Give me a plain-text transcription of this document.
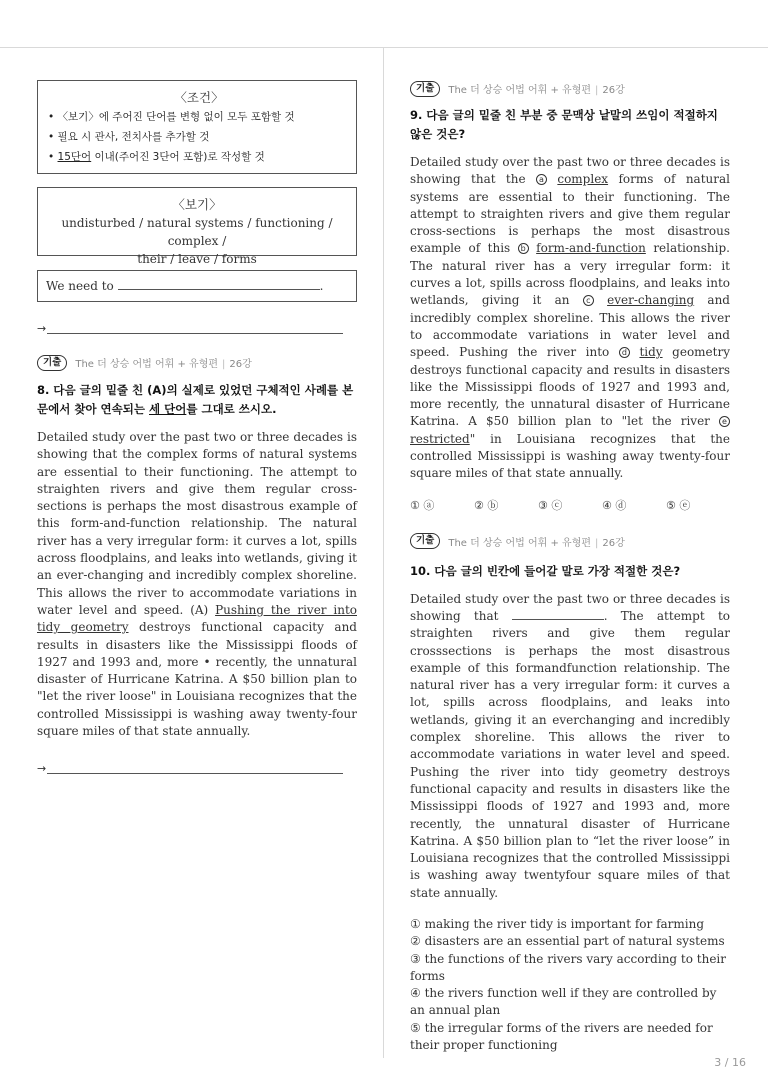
〈조건〉
• 〈보기〉에 주어진 단어를 변형 없이 모두 포함할 것
• 필요 시 관사, 전치사를 추가할 것
• 15단어 이내(주어진 3단어 포함)로 작성할 것
〈보기〉
undisturbed / natural systems / functioning / complex /
their / leave / forms
We need to	.
→
기출	The 더 상승 어법 어휘 + 유형편 | 26강
8. 다음 글의 밑줄 친 (A)의 실제로 있었던 구체적인 사례를 본문에서 찾아 연속되는 세 단어를 그대로 쓰시오.
Detailed study over the past two or three decades is showing that the complex forms of natural systems are essential to their functioning. The attempt to straighten rivers and give them regular cross-sections is perhaps the most disastrous example of this form-and-function relationship. The natural river has a very irregular form: it curves a lot, spills across floodplains, and leaks into wetlands, giving it an ever-changing and incredibly complex shoreline. This allows the river to accommodate variations in water level and speed. (A) Pushing the river into tidy geometry destroys functional capacity and results in disasters like the Mississippi floods of 1927 and 1993 and, more • recently, the unnatural disaster of Hurricane Katrina. A $50 billion plan to "let the river loose" in Louisiana recognizes that the controlled Mississippi is washing away twenty-four square miles of that state annually.
→
기출	The 더 상승 어법 어휘 + 유형편 | 26강
9. 다음 글의 밑줄 친 부분 중 문맥상 낱말의 쓰임이 적절하지 않은 것은?
Detailed study over the past two or three decades is showing that the a complex forms of natural systems are essential to their functioning. The attempt to straighten rivers and give them regular cross-sections is perhaps the most disastrous example of this b form-and-function relationship. The natural river has a very irregular form: it curves a lot, spills across floodplains, and leaks into wetlands, giving it an c ever-changing and incredibly complex shoreline. This allows the river to accommodate variations in water level and speed. Pushing the river into d tidy geometry destroys functional capacity and results in disasters like the Mississippi floods of 1927 and 1993 and, more recently, the unnatural disaster of Hurricane Katrina. A $50 billion plan to "let the river e restricted" in Louisiana recognizes that the controlled Mississippi is washing away twenty-four square miles of that state annually.
① ⓐ	② ⓑ	③ ⓒ	④ ⓓ	⑤ ⓔ
기출	The 더 상승 어법 어휘 + 유형편 | 26강
10. 다음 글의 빈칸에 들어갈 말로 가장 적절한 것은?
Detailed study over the past two or three decades is showing that	. The attempt to straighten rivers and give them regular crosssections is perhaps the most disastrous example of this formandfunction relationship. The natural river has a very irregular form: it curves a lot, spills across floodplains, and leaks into wetlands, giving it an everchanging and incredibly complex shoreline. This allows the river to accommodate variations in water level and speed. Pushing the river into tidy geometry destroys functional capacity and results in disasters like the Mississippi floods of 1927 and 1993 and, more recently, the unnatural disaster of Hurricane Katrina. A $50 billion plan to “let the river loose” in Louisiana recognizes that the controlled Mississippi is washing away twentyfour square miles of that state annually.
① making the river tidy is important for farming
② disasters are an essential part of natural systems
③ the functions of the rivers vary according to their forms
④ the rivers function well if they are controlled by an annual plan
⑤ the irregular forms of the rivers are needed for their proper functioning
3 / 16
